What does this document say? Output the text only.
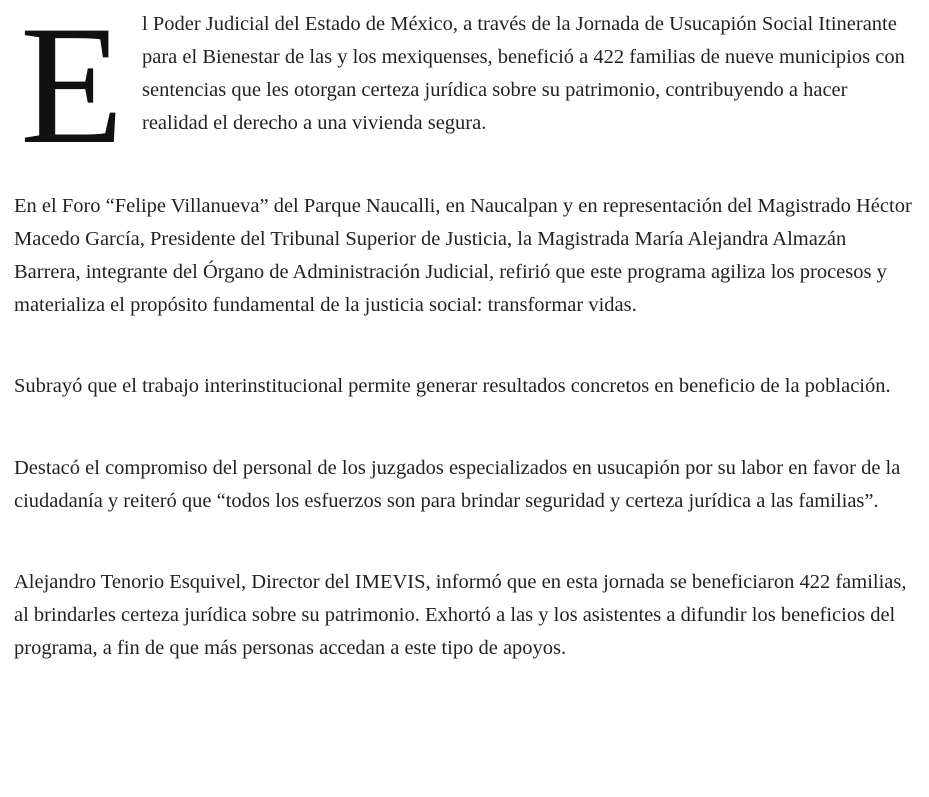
E l Poder Judicial del Estado de México, a través de la Jornada de Usucapión Social Itinerante para el Bienestar de las y los mexiquenses, benefició a 422 familias de nueve municipios con sentencias que les otorgan certeza jurídica sobre su patrimonio, contribuyendo a hacer realidad el derecho a una vivienda segura.

En el Foro “Felipe Villanueva” del Parque Naucalli, en Naucalpan y en representación del Magistrado Héctor Macedo García, Presidente del Tribunal Superior de Justicia, la Magistrada María Alejandra Almazán Barrera, integrante del Órgano de Administración Judicial, refirió que este programa agiliza los procesos y materializa el propósito fundamental de la justicia social: transformar vidas.

Subrayó que el trabajo interinstitucional permite generar resultados concretos en beneficio de la población.

Destacó el compromiso del personal de los juzgados especializados en usucapión por su labor en favor de la ciudadanía y reiteró que “todos los esfuerzos son para brindar seguridad y certeza jurídica a las familias”.

Alejandro Tenorio Esquivel, Director del IMEVIS, informó que en esta jornada se beneficiaron 422 familias, al brindarles certeza jurídica sobre su patrimonio. Exhortó a las y los asistentes a difundir los beneficios del programa, a fin de que más personas accedan a este tipo de apoyos.
